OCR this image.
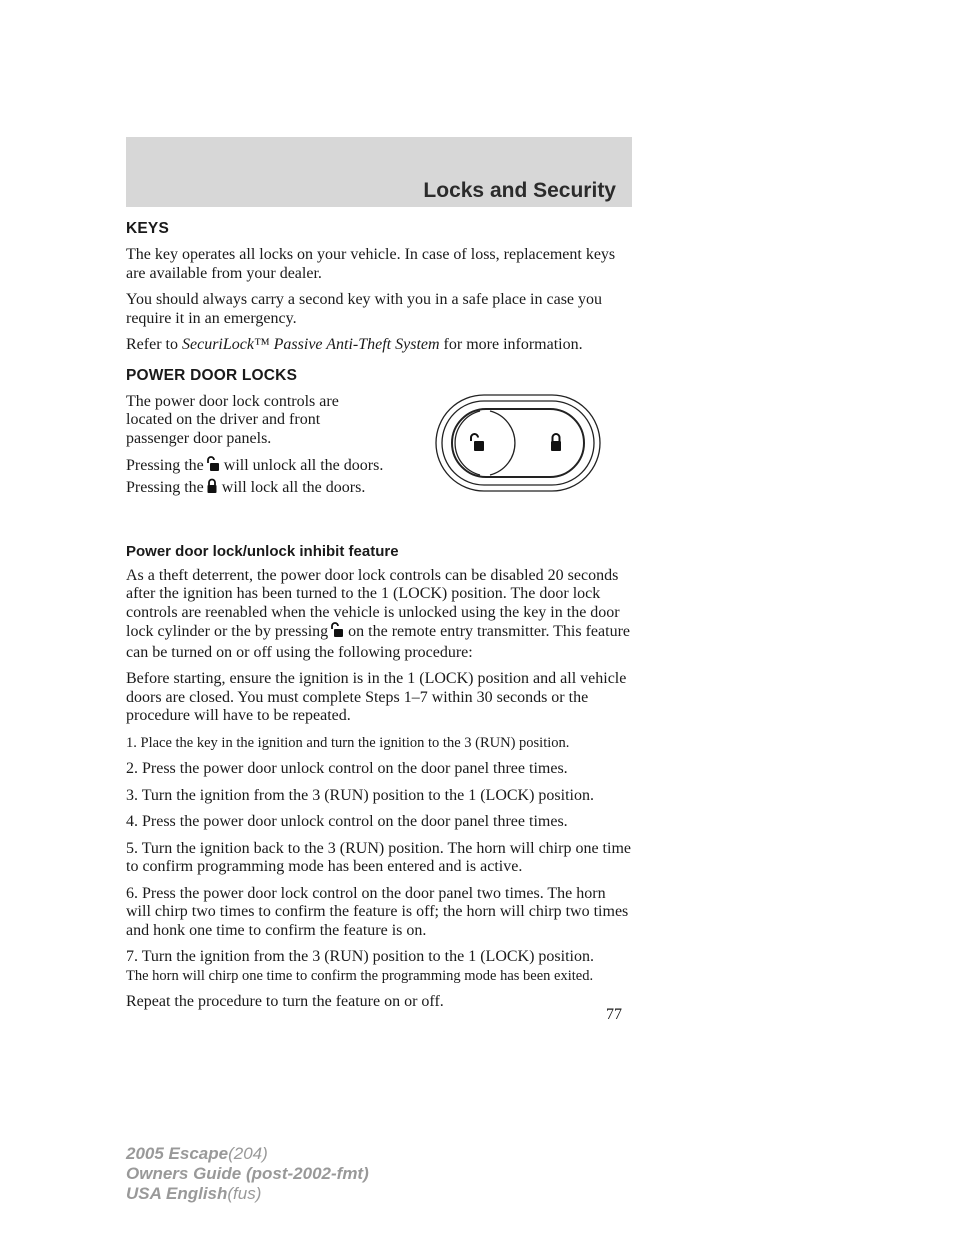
Locks and Security
KEYS

The key operates all locks on your vehicle. In case of loss, replacement keys are available from your dealer.

You should always carry a second key with you in a safe place in case you require it in an emergency.

Refer to SecuriLock™ Passive Anti-Theft System for more information.

POWER DOOR LOCKS

The power door lock controls are located on the driver and front passenger door panels.

Pressing the will unlock all the doors. Pressing the will lock all the doors.

Power door lock/unlock inhibit feature

As a theft deterrent, the power door lock controls can be disabled 20 seconds after the ignition has been turned to the 1 (LOCK) position. The door lock controls are reenabled when the vehicle is unlocked using the key in the door lock cylinder or the by pressing on the remote entry transmitter. This feature can be turned on or off using the following procedure:

Before starting, ensure the ignition is in the 1 (LOCK) position and all vehicle doors are closed. You must complete Steps 1–7 within 30 seconds or the procedure will have to be repeated.

1. Place the key in the ignition and turn the ignition to the 3 (RUN) position.

2. Press the power door unlock control on the door panel three times.

3. Turn the ignition from the 3 (RUN) position to the 1 (LOCK) position.

4. Press the power door unlock control on the door panel three times.

5. Turn the ignition back to the 3 (RUN) position. The horn will chirp one time to confirm programming mode has been entered and is active.

6. Press the power door lock control on the door panel two times. The horn will chirp two times to confirm the feature is off; the horn will chirp two times and honk one time to confirm the feature is on.

7. Turn the ignition from the 3 (RUN) position to the 1 (LOCK) position.
The horn will chirp one time to confirm the programming mode has been exited.

Repeat the procedure to turn the feature on or off.

77
2005 Escape(204)
Owners Guide (post-2002-fmt)
USA English(fus)
